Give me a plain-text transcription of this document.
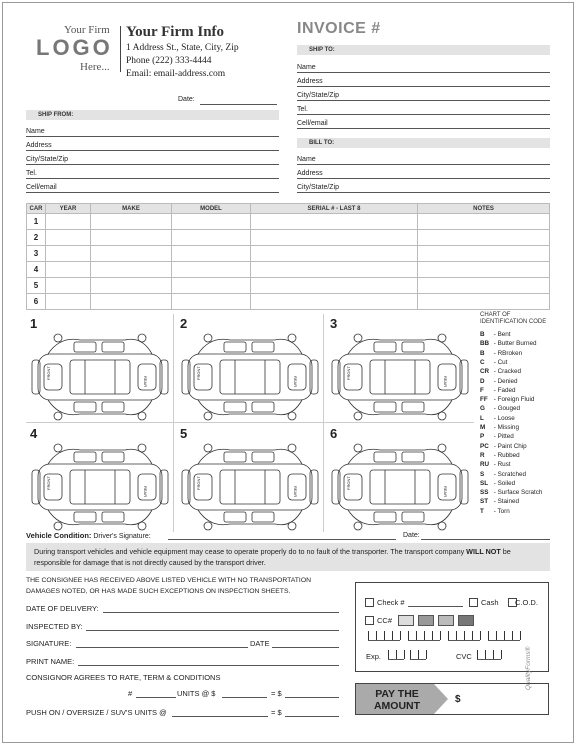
Your Firm
LOGO
Here...
Your Firm Info
1 Address St., State, City, Zip
Phone (222) 333-4444
Email: email-address.com
INVOICE #
Date:
SHIP TO:
BILL TO:
SHIP FROM:
Name
Address
City/State/Zip
Tel.
Cell/email
Name
Address
City/State/Zip
Name
Address
City/State/Zip
Tel.
Cell/email
CAR	YEAR	MAKE	MODEL	SERIAL # - LAST 8	NOTES
1					
2					
3					
4					
5					
6					
1
FRONT
REAR
2
FRONT
REAR
3
FRONT
REAR
4
FRONT
REAR
5
FRONT
REAR
6
FRONT
REAR
CHART OF IDENTIFICATION CODE
B - Bent
BB - Butter Burned
B - RBroken
C - Cut
CR - Cracked
D - Denied
F - Faded
FF - Foreign Fluid
G - Gouged
L - Loose
M - Missing
P - Pitted
PC - Paint Chip
R - Rubbed
RU - Rust
S - Scratched
SL - Soiled
SS - Surface Scratch
ST - Stained
T - Torn
Vehicle Condition: Driver's Signature:	Date:
During transport vehicles and vehicle equipment may cease to operate properly do to no fault of the transporter. The transport company WILL NOT be responsible for damage that is not directly caused by the transport driver.
THE CONSIGNEE HAS RECEIVED ABOVE LISTED VEHICLE WITH NO TRANSPORTATION
DAMAGES NOTED, OR HAS MADE SUCH EXCEPTIONS ON INSPECTION SHEETS.
DATE OF DELIVERY:
INSPECTED BY:
SIGNATURE:	DATE
PRINT NAME:
CONSIGNOR AGREES TO RATE, TERM & CONDITIONS
#	UNITS @ $	= $
PUSH ON / OVERSIZE / SUV'S UNITS @	= $
Check #	Cash C.O.D.
CC#
Exp.	CVC
PAY THE
AMOUNT
$
QualityForms®
